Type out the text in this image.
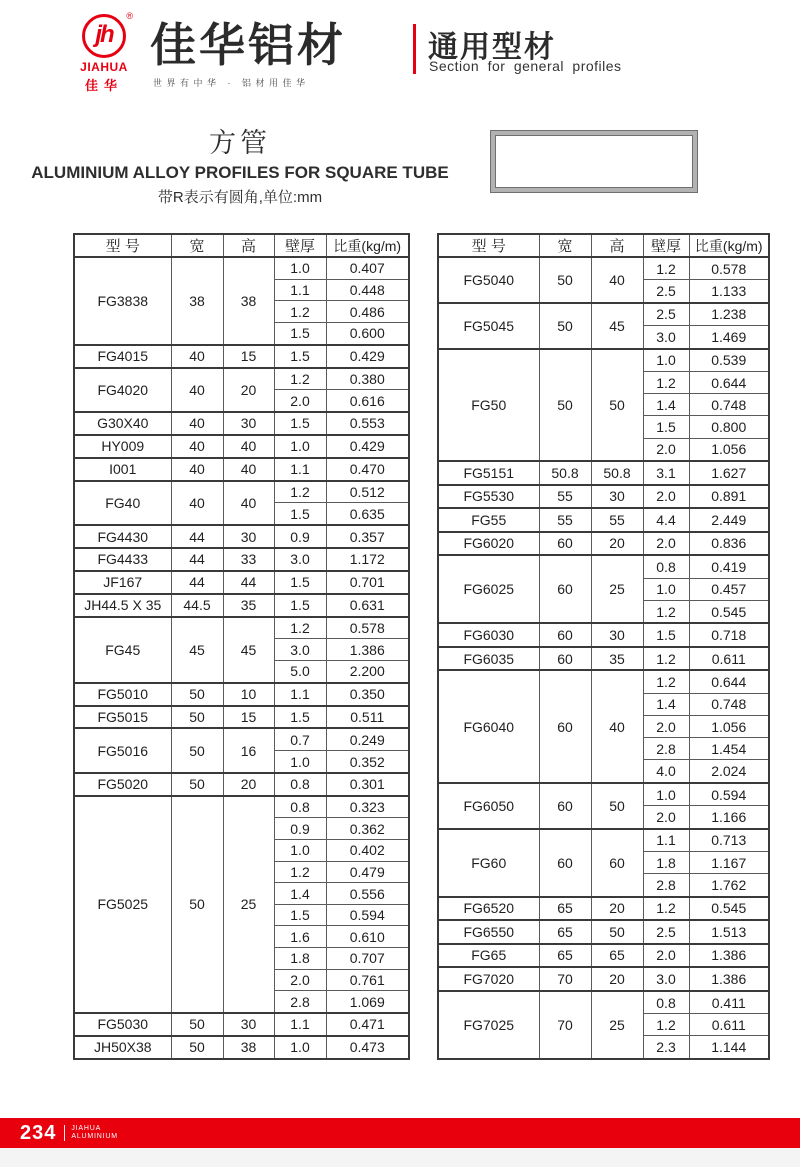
jh
®
JIAHUA
佳华
佳华铝材
世界有中华 · 铝材用佳华
通用型材
Section for general profiles
方管
ALUMINIUM ALLOY PROFILES FOR SQUARE TUBE
带R表示有圆角,单位:mm
型 号	宽	高	壁厚	比重(kg/m)
FG3838	38	38	1.0	0.407
			1.1	0.448
			1.2	0.486
			1.5	0.600
FG4015	40	15	1.5	0.429
FG4020	40	20	1.2	0.380
			2.0	0.616
G30X40	40	30	1.5	0.553
HY009	40	40	1.0	0.429
I001	40	40	1.1	0.470
FG40	40	40	1.2	0.512
			1.5	0.635
FG4430	44	30	0.9	0.357
FG4433	44	33	3.0	1.172
JF167	44	44	1.5	0.701
JH44.5 X 35	44.5	35	1.5	0.631
FG45	45	45	1.2	0.578
			3.0	1.386
			5.0	2.200
FG5010	50	10	1.1	0.350
FG5015	50	15	1.5	0.511
FG5016	50	16	0.7	0.249
			1.0	0.352
FG5020	50	20	0.8	0.301
FG5025	50	25	0.8	0.323
			0.9	0.362
			1.0	0.402
			1.2	0.479
			1.4	0.556
			1.5	0.594
			1.6	0.610
			1.8	0.707
			2.0	0.761
			2.8	1.069
FG5030	50	30	1.1	0.471
JH50X38	50	38	1.0	0.473
型 号	宽	高	壁厚	比重(kg/m)
FG5040	50	40	1.2	0.578
			2.5	1.133
FG5045	50	45	2.5	1.238
			3.0	1.469
FG50	50	50	1.0	0.539
			1.2	0.644
			1.4	0.748
			1.5	0.800
			2.0	1.056
FG5151	50.8	50.8	3.1	1.627
FG5530	55	30	2.0	0.891
FG55	55	55	4.4	2.449
FG6020	60	20	2.0	0.836
FG6025	60	25	0.8	0.419
			1.0	0.457
			1.2	0.545
FG6030	60	30	1.5	0.718
FG6035	60	35	1.2	0.611
FG6040	60	40	1.2	0.644
			1.4	0.748
			2.0	1.056
			2.8	1.454
			4.0	2.024
FG6050	60	50	1.0	0.594
			2.0	1.166
FG60	60	60	1.1	0.713
			1.8	1.167
			2.8	1.762
FG6520	65	20	1.2	0.545
FG6550	65	50	2.5	1.513
FG65	65	65	2.0	1.386
FG7020	70	20	3.0	1.386
FG7025	70	25	0.8	0.411
			1.2	0.611
			2.3	1.144
234 JIAHUA
ALUMINIUM
